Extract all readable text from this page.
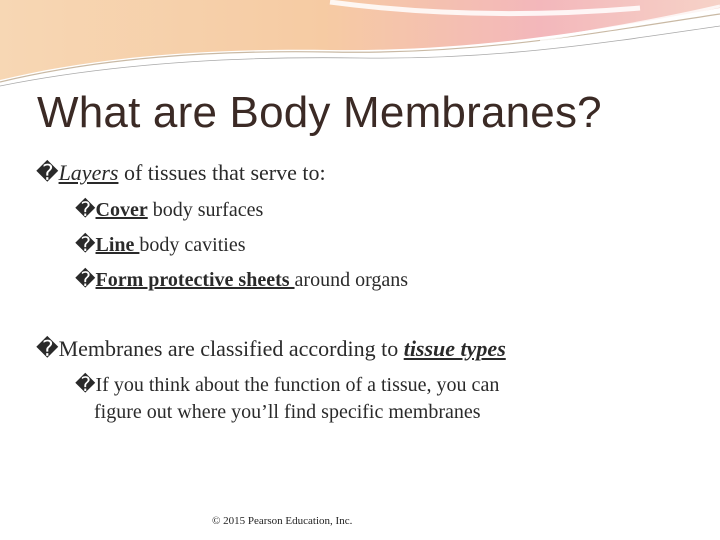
What are Body Membranes?
�Layers of tissues that serve to:
�Cover body surfaces
�Line body cavities
�Form protective sheets around organs
�Membranes are classified according to tissue types
�If you think about the function of a tissue, you can
figure out where you’ll find specific membranes
© 2015 Pearson Education, Inc.
